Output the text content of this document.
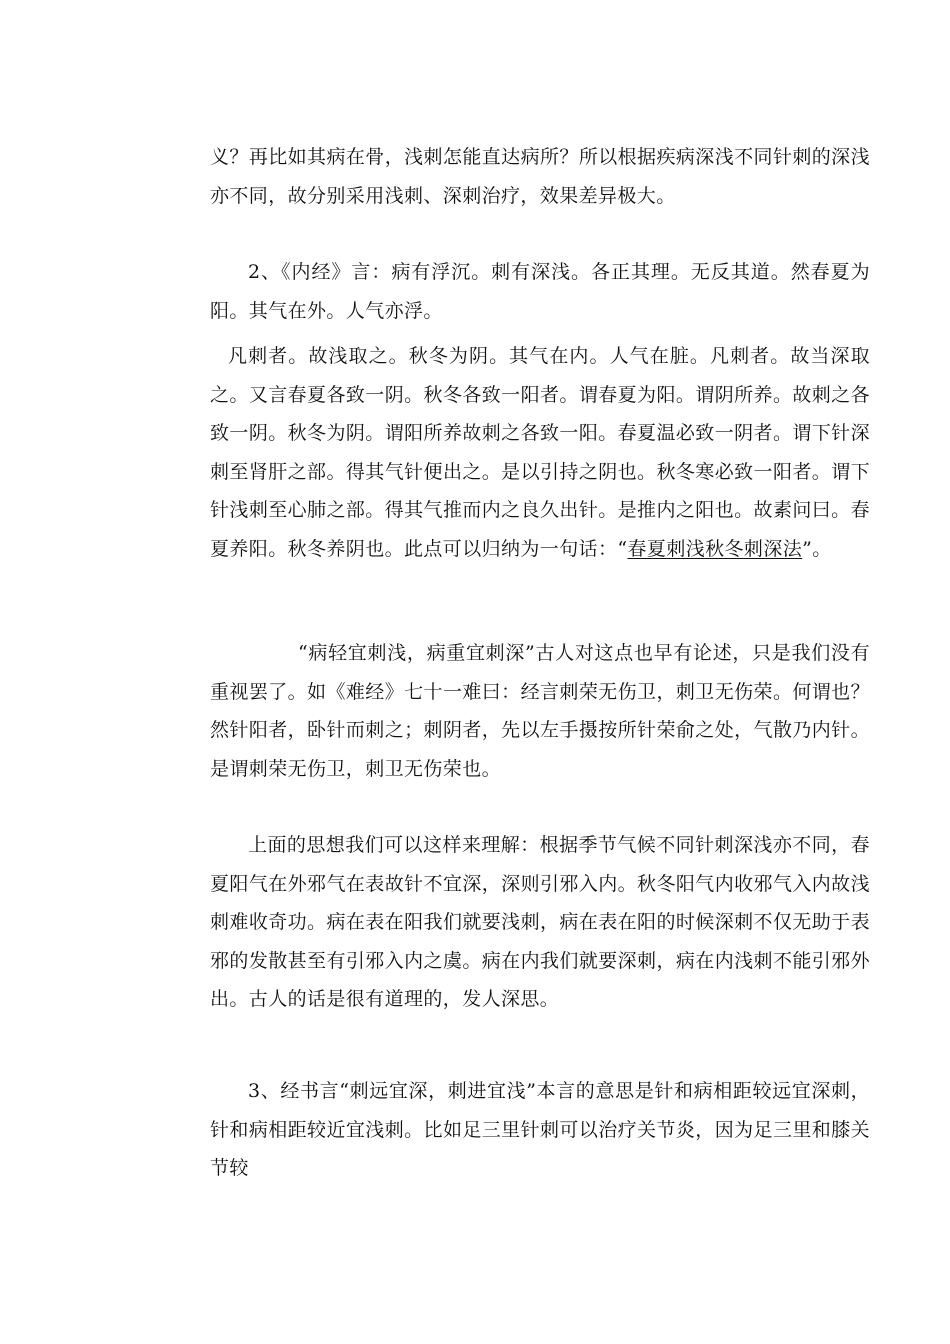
义？再比如其病在骨，浅刺怎能直达病所？所以根据疾病深浅不同针刺的深浅亦不同，故分别采用浅刺、深刺治疗，效果差异极大。

2、《内经》言：病有浮沉。刺有深浅。各正其理。无反其道。然春夏为阳。其气在外。人气亦浮。

凡刺者。故浅取之。秋冬为阴。其气在内。人气在脏。凡刺者。故当深取之。又言春夏各致一阴。秋冬各致一阳者。谓春夏为阳。谓阴所养。故刺之各致一阴。秋冬为阴。谓阳所养故刺之各致一阳。春夏温必致一阴者。谓下针深刺至肾肝之部。得其气针便出之。是以引持之阴也。秋冬寒必致一阳者。谓下针浅刺至心肺之部。得其气推而内之良久出针。是推内之阳也。故素问曰。春夏养阳。秋冬养阴也。此点可以归纳为一句话：“春夏刺浅秋冬刺深法”。

“病轻宜刺浅，病重宜刺深”古人对这点也早有论述，只是我们没有重视罢了。如《难经》七十一难曰：经言刺荣无伤卫，刺卫无伤荣。何谓也？然针阳者，卧针而刺之；刺阴者，先以左手摄按所针荣俞之处，气散乃内针。是谓刺荣无伤卫，刺卫无伤荣也。

上面的思想我们可以这样来理解：根据季节气候不同针刺深浅亦不同，春夏阳气在外邪气在表故针不宜深，深则引邪入内。秋冬阳气内收邪气入内故浅刺难收奇功。病在表在阳我们就要浅刺，病在表在阳的时候深刺不仅无助于表邪的发散甚至有引邪入内之虞。病在内我们就要深刺，病在内浅刺不能引邪外出。古人的话是很有道理的，发人深思。

3、经书言“刺远宜深，刺进宜浅”本言的意思是针和病相距较远宜深刺，针和病相距较近宜浅刺。比如足三里针刺可以治疗关节炎，因为足三里和膝关节较
